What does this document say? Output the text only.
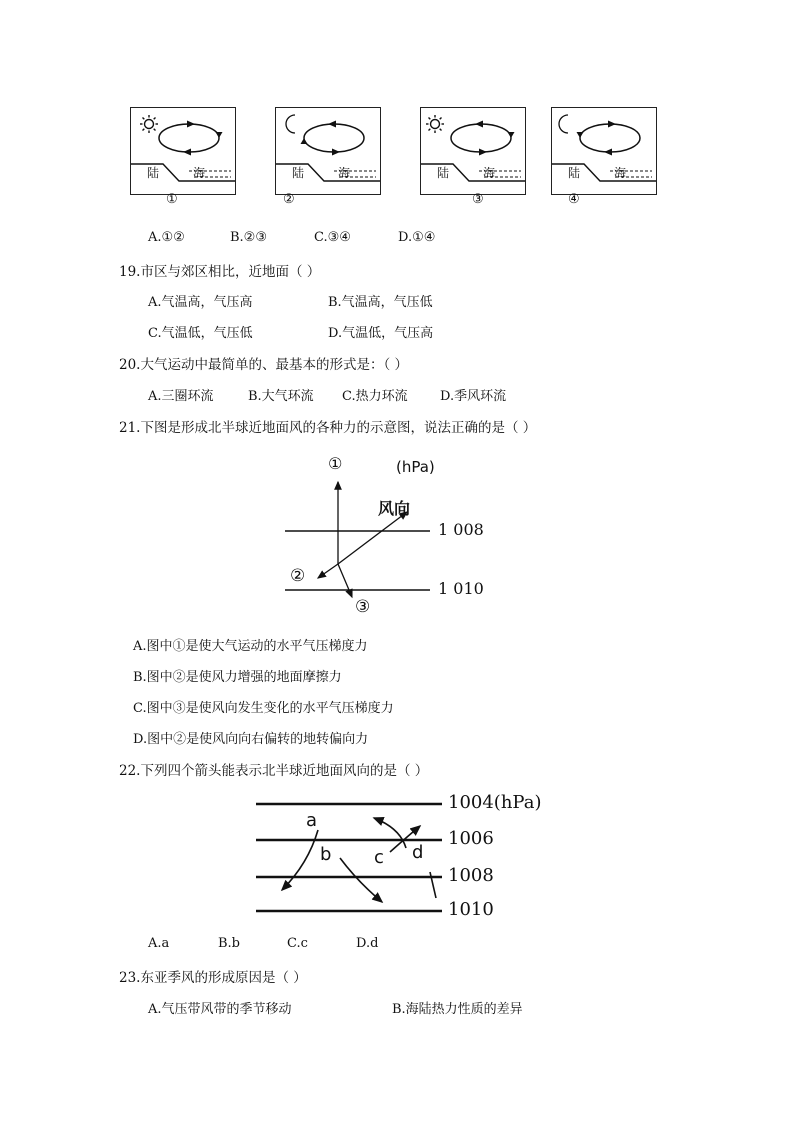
陆	海
①
陆	海
②
陆	海
③
陆	海
④
A.①②	B.②③	C.③④	D.①④
19.市区与郊区相比，近地面（ ）
A.气温高，气压高	B.气温高，气压低
C.气温低，气压低	D.气温低，气压高
20.大气运动中最简单的、最基本的形式是：（ ）
A.三圈环流	B.大气环流 C.热力环流 D.季风环流
21.下图是形成北半球近地面风的各种力的示意图，说法正确的是（ ）
①	(hPa)
风向
1 008
②
1 010
③
A.图中①是使大气运动的水平气压梯度力
B.图中②是使风力增强的地面摩擦力
C.图中③是使风向发生变化的水平气压梯度力
D.图中②是使风向向右偏转的地转偏向力
22.下列四个箭头能表示北半球近地面风向的是（ ）
a
b c d
1004(hPa)
1006
1008
1010
A.a	B.b	C.c	D.d
23.东亚季风的形成原因是（ ）
A.气压带风带的季节移动	B.海陆热力性质的差异
